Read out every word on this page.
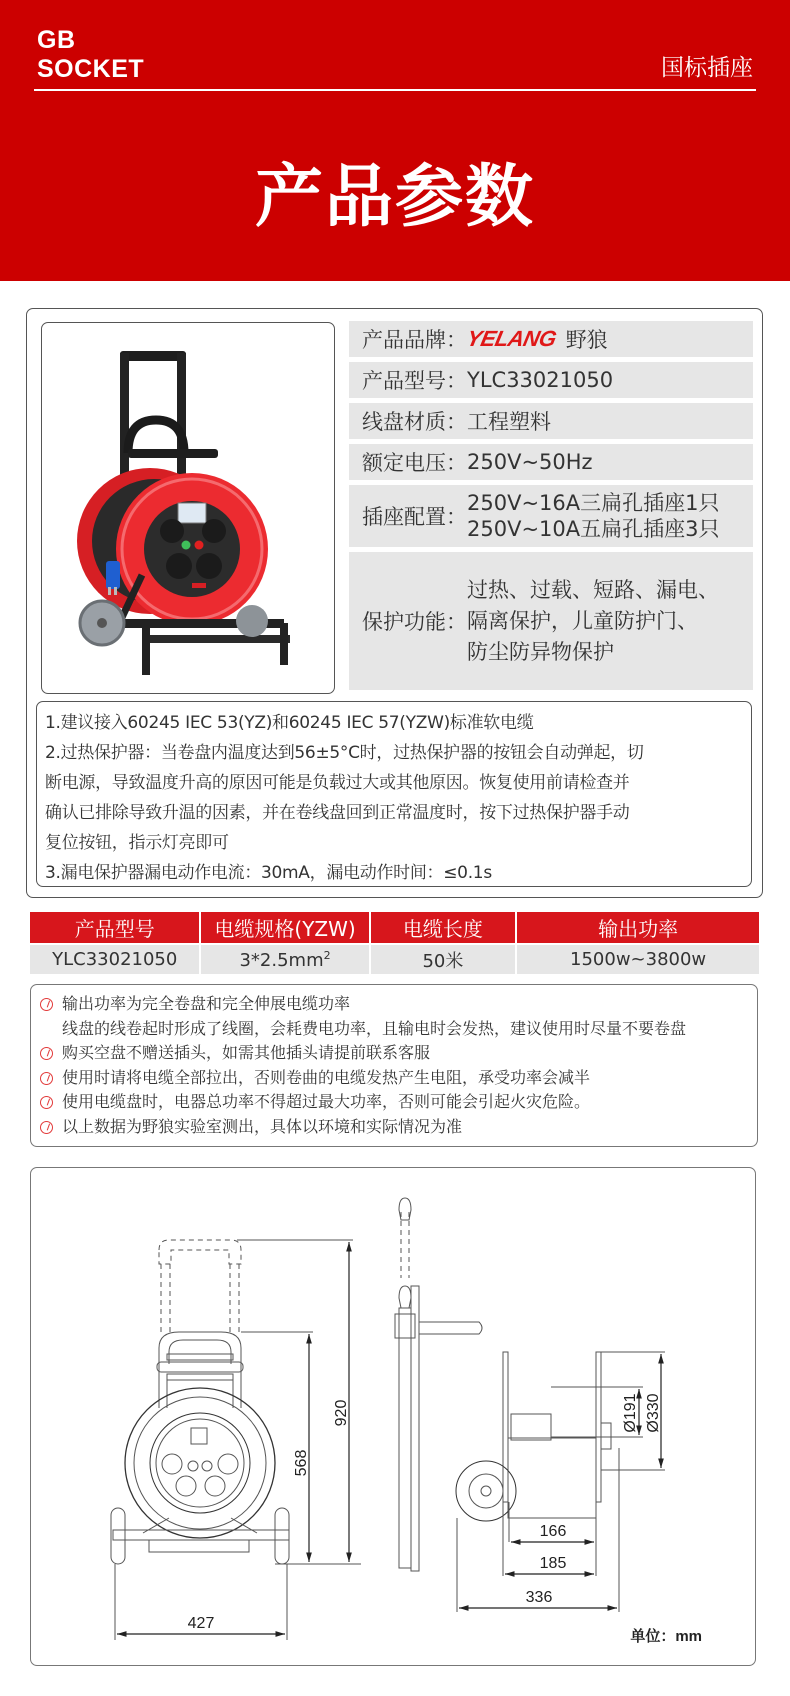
GB
SOCKET	国标插座
产品参数
产品品牌：
YELANG 野狼
产品型号： YLC33021050
线盘材质： 工程塑料
额定电压： 250V~50Hz
插座配置：
250V~16A三扁孔插座1只
250V~10A五扁孔插座3只
保护功能：
过热、过载、短路、漏电、
隔离保护，儿童防护门、
防尘防异物保护

1.建议接入60245 IEC 53(YZ)和60245 IEC 57(YZW)标准软电缆

2.过热保护器：当卷盘内温度达到56±5°C时，过热保护器的按钮会自动弹起，切

断电源，导致温度升高的原因可能是负载过大或其他原因。恢复使用前请检查并

确认已排除导致升温的因素，并在卷线盘回到正常温度时，按下过热保护器手动

复位按钮，指示灯亮即可

3.漏电保护器漏电动作电流：30mA，漏电动作时间：≤0.1s

产品型号	电缆规格(YZW)	电缆长度	输出功率
YLC33021050	$3*2.5mm^2$	50米	1500w~3800w
输出功率为完全卷盘和完全伸展电缆功率
线盘的线卷起时形成了线圈，会耗费电功率，且输电时会发热，建议使用时尽量不要卷盘
购买空盘不赠送插头，如需其他插头请提前联系客服
使用时请将电缆全部拉出，否则卷曲的电缆发热产生电阻，承受功率会减半
使用电缆盘时，电器总功率不得超过最大功率，否则可能会引起火灾危险。
以上数据为野狼实验室测出，具体以环境和实际情况为准
920
568
427
Ø191 Ø330
166
185
336
单位：mm
